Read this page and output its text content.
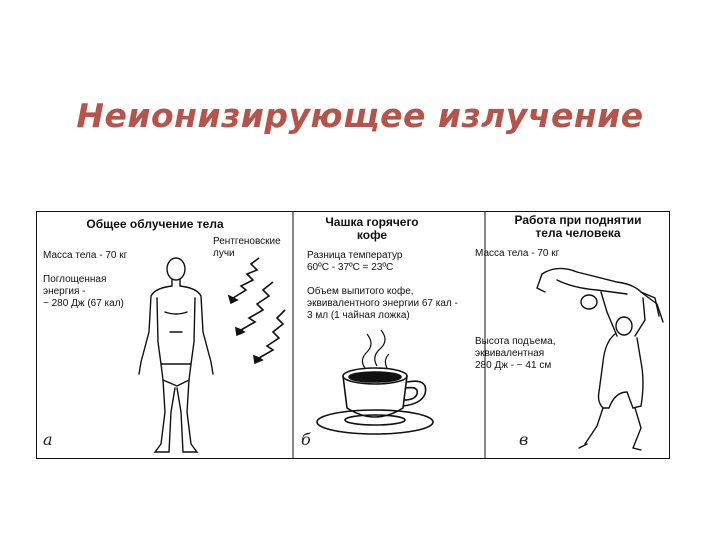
Неионизирующее излучение
Общее облучение тела
Масса тела - 70 кг
Поглощенная
энергия -
~ 280 Дж (67 кал)
Рентгеновские
лучи
а
Чашка горячего
кофе
Разница температур
60ºС - 37ºС = 23ºС
Объем выпитого кофе,
эквивалентного энергии 67 кал -
3 мл (1 чайная ложка)
б
Работа при поднятии
тела человека
Масса тела - 70 кг
Высота подъема,
эквивалентная
280 Дж - ~ 41 см
в
